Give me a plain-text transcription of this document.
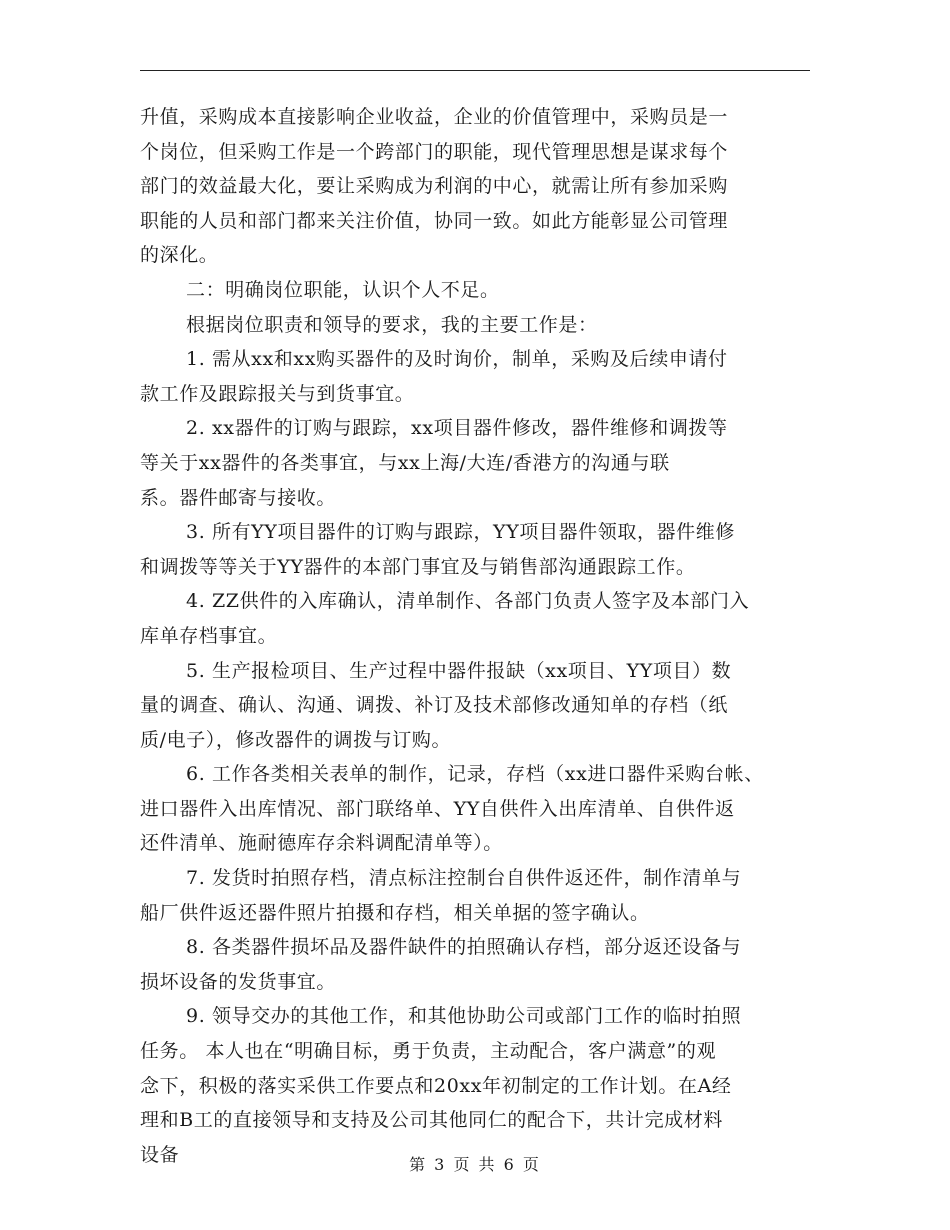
升值，采购成本直接影响企业收益，企业的价值管理中，采购员是一
个岗位，但采购工作是一个跨部门的职能，现代管理思想是谋求每个
部门的效益最大化，要让采购成为利润的中心，就需让所有参加采购
职能的人员和部门都来关注价值，协同一致。如此方能彰显公司管理
的深化。
二：明确岗位职能，认识个人不足。
根据岗位职责和领导的要求，我的主要工作是：
1. 需从xx和xx购买器件的及时询价，制单，采购及后续申请付
款工作及跟踪报关与到货事宜。
2. xx器件的订购与跟踪，xx项目器件修改，器件维修和调拨等
等关于xx器件的各类事宜，与xx上海/大连/香港方的沟通与联
系。器件邮寄与接收。
3. 所有YY项目器件的订购与跟踪，YY项目器件领取，器件维修
和调拨等等关于YY器件的本部门事宜及与销售部沟通跟踪工作。
4. ZZ供件的入库确认，清单制作、各部门负责人签字及本部门入
库单存档事宜。
5. 生产报检项目、生产过程中器件报缺（xx项目、YY项目）数
量的调查、确认、沟通、调拨、补订及技术部修改通知单的存档（纸
质/电子），修改器件的调拨与订购。
6. 工作各类相关表单的制作，记录，存档（xx进口器件采购台帐、
进口器件入出库情况、部门联络单、YY自供件入出库清单、自供件返
还件清单、施耐德库存余料调配清单等）。
7. 发货时拍照存档，清点标注控制台自供件返还件，制作清单与
船厂供件返还器件照片拍摄和存档，相关单据的签字确认。
8. 各类器件损坏品及器件缺件的拍照确认存档，部分返还设备与
损坏设备的发货事宜。
9. 领导交办的其他工作，和其他协助公司或部门工作的临时拍照
任务。 本人也在“明确目标，勇于负责，主动配合，客户满意”的观
念下，积极的落实采供工作要点和20xx年初制定的工作计划。在A经
理和B工的直接领导和支持及公司其他同仁的配合下，共计完成材料
设备	第 3 页 共 6 页
